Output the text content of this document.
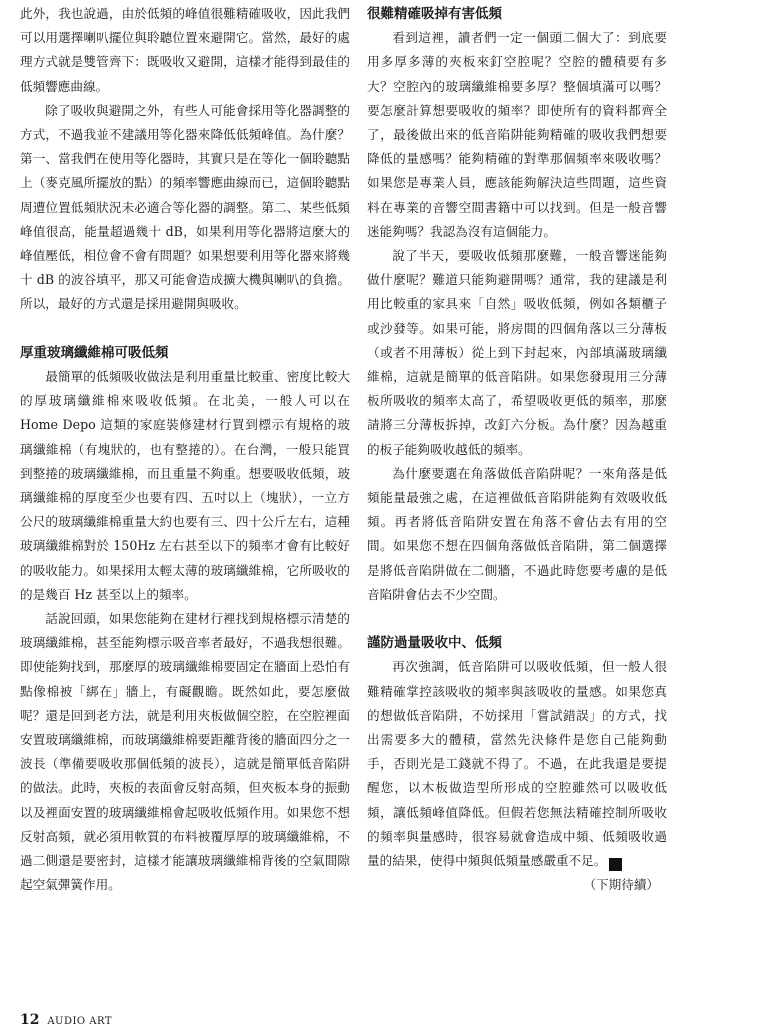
此外，我也說過，由於低頻的峰值很難精確吸收，因此我們可以用選擇喇叭擺位與聆聽位置來避開它。當然，最好的處理方式就是雙管齊下：既吸收又避開，這樣才能得到最佳的低頻響應曲線。

除了吸收與避開之外，有些人可能會採用等化器調整的方式，不過我並不建議用等化器來降低低頻峰值。為什麼？第一、當我們在使用等化器時，其實只是在等化一個聆聽點上（麥克風所擺放的點）的頻率響應曲線而已，這個聆聽點周遭位置低頻狀況未必適合等化器的調整。第二、某些低頻峰值很高，能量超過幾十 dB，如果利用等化器將這麼大的峰值壓低，相位會不會有問題？如果想要利用等化器來將幾十 dB 的波谷填平，那又可能會造成擴大機與喇叭的負擔。所以，最好的方式還是採用避開與吸收。

厚重玻璃纖維棉可吸低頻

最簡單的低頻吸收做法是利用重量比較重、密度比較大的厚玻璃纖維棉來吸收低頻。在北美，一般人可以在 Home Depo 這類的家庭裝修建材行買到標示有規格的玻璃纖維棉（有塊狀的，也有整捲的）。在台灣，一般只能買到整捲的玻璃纖維棉，而且重量不夠重。想要吸收低頻，玻璃纖維棉的厚度至少也要有四、五吋以上（塊狀），一立方公尺的玻璃纖維棉重量大約也要有三、四十公斤左右，這種玻璃纖維棉對於 150Hz 左右甚至以下的頻率才會有比較好的吸收能力。如果採用太輕太薄的玻璃纖維棉，它所吸收的的是幾百 Hz 甚至以上的頻率。

話說回頭，如果您能夠在建材行裡找到規格標示清楚的玻璃纖維棉，甚至能夠標示吸音率者最好，不過我想很難。即使能夠找到，那麼厚的玻璃纖維棉要固定在牆面上恐怕有點像棉被「綁在」牆上，有礙觀瞻。既然如此，要怎麼做呢？還是回到老方法，就是利用夾板做個空腔，在空腔裡面安置玻璃纖維棉，而玻璃纖維棉要距離背後的牆面四分之一波長（準備要吸收那個低頻的波長），這就是簡單低音陷阱的做法。此時，夾板的表面會反射高頻，但夾板本身的振動以及裡面安置的玻璃纖維棉會起吸收低頻作用。如果您不想反射高頻，就必須用軟質的布料被覆厚厚的玻璃纖維棉，不過二側還是要密封，這樣才能讓玻璃纖維棉背後的空氣間隙起空氣彈簧作用。

很難精確吸掉有害低頻

看到這裡，讀者們一定一個頭二個大了：到底要用多厚多薄的夾板來釘空腔呢？空腔的體積要有多大？空腔內的玻璃纖維棉要多厚？整個填滿可以嗎？要怎麼計算想要吸收的頻率？即使所有的資料都齊全了，最後做出來的低音陷阱能夠精確的吸收我們想要降低的量感嗎？能夠精確的對準那個頻率來吸收嗎？如果您是專業人員，應該能夠解決這些問題，這些資料在專業的音響空間書籍中可以找到。但是一般音響迷能夠嗎？我認為沒有這個能力。

說了半天，要吸收低頻那麼難，一般音響迷能夠做什麼呢？難道只能夠避開嗎？通常，我的建議是利用比較重的家具來「自然」吸收低頻，例如各類櫃子或沙發等。如果可能，將房間的四個角落以三分薄板（或者不用薄板）從上到下封起來，內部填滿玻璃纖維棉，這就是簡單的低音陷阱。如果您發現用三分薄板所吸收的頻率太高了，希望吸收更低的頻率，那麼請將三分薄板拆掉，改釘六分板。為什麼？因為越重的板子能夠吸收越低的頻率。

為什麼要選在角落做低音陷阱呢？一來角落是低頻能量最強之處，在這裡做低音陷阱能夠有效吸收低頻。再者將低音陷阱安置在角落不會佔去有用的空間。如果您不想在四個角落做低音陷阱，第二個選擇是將低音陷阱做在二側牆，不過此時您要考慮的是低音陷阱會佔去不少空間。

謹防過量吸收中、低頻

再次強調，低音陷阱可以吸收低頻，但一般人很難精確掌控該吸收的頻率與該吸收的量感。如果您真的想做低音陷阱，不妨採用「嘗試錯誤」的方式，找出需要多大的體積，當然先決條件是您自己能夠動手，否則光是工錢就不得了。不過，在此我還是要提醒您，以木板做造型所形成的空腔雖然可以吸收低頻，讓低頻峰值降低。但假若您無法精確控制所吸收的頻率與量感時，很容易就會造成中頻、低頻吸收過量的結果，使得中頻與低頻量感嚴重不足。	AA

（下期待續）

12 AUDIO ART
